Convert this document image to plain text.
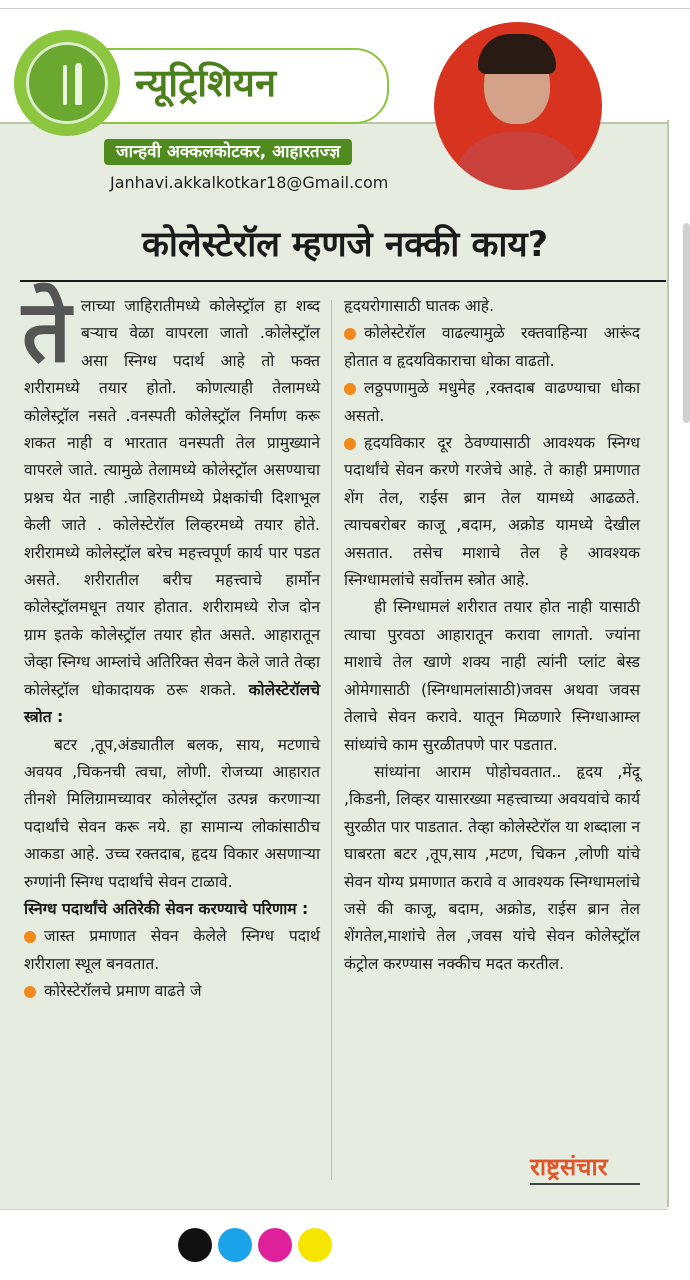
न्यूट्रिशियन
जान्हवी अक्कलकोटकर, आहारतज्ज्ञ
Janhavi.akkalkotkar18@Gmail.com
कोलेस्टेरॉल म्हणजे नक्की काय?

तेलाच्या जाहिरातीमध्ये कोलेस्ट्रॉल हा शब्द बऱ्याच वेळा वापरला जातो .कोलेस्ट्रॉल असा स्निग्ध पदार्थ आहे तो फक्त शरीरामध्ये तयार होतो. कोणत्याही तेलामध्ये कोलेस्ट्रॉल नसते .वनस्पती कोलेस्ट्रॉल निर्माण करू शकत नाही व भारतात वनस्पती तेल प्रामुख्याने वापरले जाते. त्यामुळे तेलामध्ये कोलेस्ट्रॉल असण्याचा प्रश्नच येत नाही .जाहिरातीमध्ये प्रेक्षकांची दिशाभूल केली जाते . कोलेस्टेरॉल लिव्हरमध्ये तयार होते. शरीरामध्ये कोलेस्ट्रॉल बरेच महत्त्वपूर्ण कार्य पार पडत असते. शरीरातील बरीच महत्त्वाचे हार्मोन कोलेस्ट्रॉलमधून तयार होतात. शरीरामध्ये रोज दोन ग्राम इतके कोलेस्ट्रॉल तयार होत असते. आहारातून जेव्हा स्निग्ध आम्लांचे अतिरिक्त सेवन केले जाते तेव्हा कोलेस्ट्रॉल धोकादायक ठरू शकते. कोलेस्टेरॉलचे स्त्रोत :

बटर ,तूप,अंड्यातील बलक, साय, मटणाचे अवयव ,चिकनची त्वचा, लोणी. रोजच्या आहारात तीनशे मिलिग्रामच्यावर कोलेस्ट्रॉल उत्पन्न करणाऱ्या पदार्थांचे सेवन करू नये. हा सामान्य लोकांसाठीच आकडा आहे. उच्च रक्तदाब, हृदय विकार असणाऱ्या रुग्णांनी स्निग्ध पदार्थांचे सेवन टाळावे.

स्निग्ध पदार्थांचे अतिरेकी सेवन करण्याचे परिणाम :

जास्त प्रमाणात सेवन केलेले स्निग्ध पदार्थ शरीराला स्थूल बनवतात.

कोरेस्टेरॉलचे प्रमाण वाढते जे

हृदयरोगासाठी घातक आहे.

कोलेस्टेरॉल वाढल्यामुळे रक्तवाहिन्या आरूंद होतात व हृदयविकाराचा धोका वाढतो.

लठ्ठपणामुळे मधुमेह ,रक्तदाब वाढण्याचा धोका असतो.

हृदयविकार दूर ठेवण्यासाठी आवश्यक स्निग्ध पदार्थांचे सेवन करणे गरजेचे आहे. ते काही प्रमाणात शेंग तेल, राईस ब्रान तेल यामध्ये आढळते. त्याचबरोबर काजू ,बदाम, अक्रोड यामध्ये देखील असतात. तसेच माशाचे तेल हे आवश्यक स्निग्धामलांचे सर्वोत्तम स्त्रोत आहे.

ही स्निग्धामलं शरीरात तयार होत नाही यासाठी त्याचा पुरवठा आहारातून करावा लागतो. ज्यांना माशाचे तेल खाणे शक्य नाही त्यांनी प्लांट बेस्ड ओमेगासाठी (स्निग्धामलांसाठी)जवस अथवा जवस तेलाचे सेवन करावे. यातून मिळणारे स्निग्धाआम्ल सांध्यांचे काम सुरळीतपणे पार पडतात.

सांध्यांना आराम पोहोचवतात.. हृदय ,मेंदू ,किडनी, लिव्हर यासारख्या महत्त्वाच्या अवयवांचे कार्य सुरळीत पार पाडतात. तेव्हा कोलेस्टेरॉल या शब्दाला न घाबरता बटर ,तूप,साय ,मटण, चिकन ,लोणी यांचे सेवन योग्य प्रमाणात करावे व आवश्यक स्निग्धामलांचे जसे की काजू, बदाम, अक्रोड, राईस ब्रान तेल शेंगतेल,माशांचे तेल ,जवस यांचे सेवन कोलेस्ट्रॉल कंट्रोल करण्यास नक्कीच मदत करतील.

राष्ट्रसंचार
